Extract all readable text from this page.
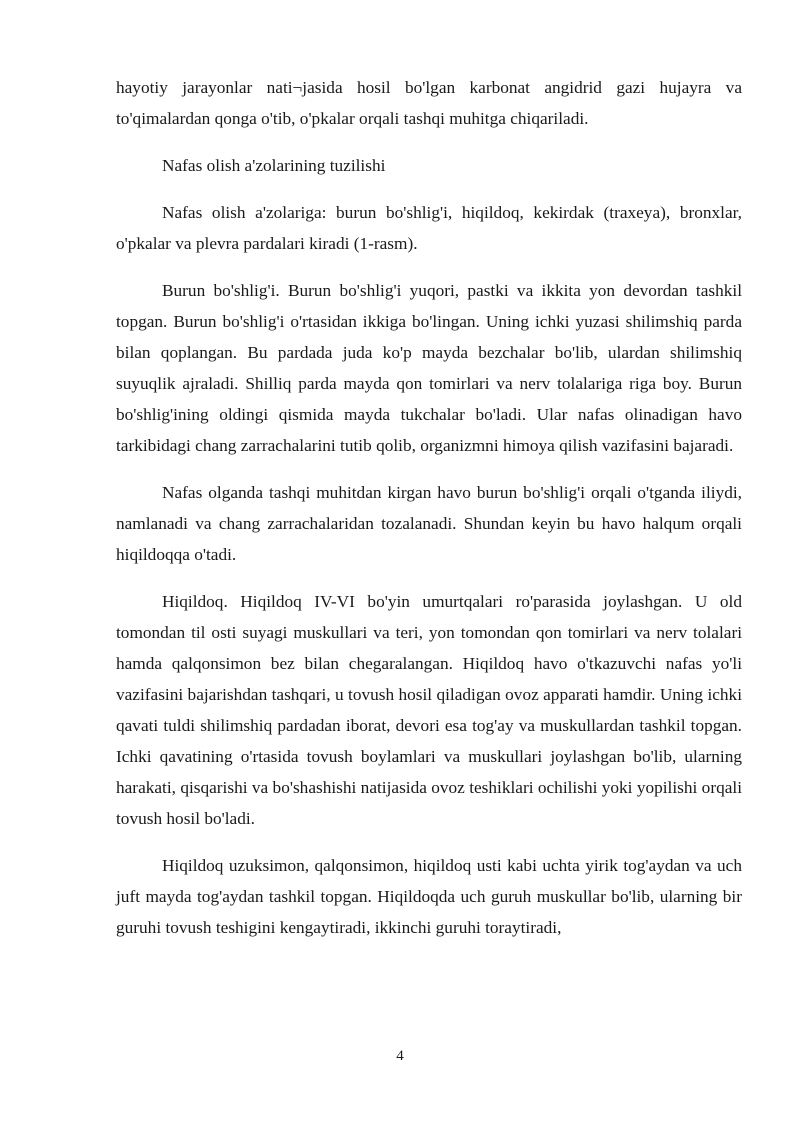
hayotiy jarayonlar nati¬jasida hosil bo'lgan karbonat angidrid gazi hujayra va to'qimalardan qonga o'tib, o'pkalar orqali tashqi muhitga chiqariladi.

Nafas olish a'zolarining tuzilishi

Nafas olish a'zolariga: burun bo'shlig'i, hiqildoq, kekirdak (traxeya), bronxlar, o'pkalar va plevra pardalari kiradi (1-rasm).

Burun bo'shlig'i. Burun bo'shlig'i yuqori, pastki va ikkita yon devordan tashkil topgan. Burun bo'shlig'i o'rtasidan ikkiga bo'lingan. Uning ichki yuzasi shilimshiq parda bilan qoplangan. Bu pardada juda ko'p mayda bezchalar bo'lib, ulardan shilimshiq suyuqlik ajraladi. Shilliq parda mayda qon tomirlari va nerv tolalariga riga boy. Burun bo'shlig'ining oldingi qismida mayda tukchalar bo'ladi. Ular nafas olinadigan havo tarkibidagi chang zarrachalarini tutib qolib, organizmni himoya qilish vazifasini bajaradi.

Nafas olganda tashqi muhitdan kirgan havo burun bo'shlig'i orqali o'tganda iliydi, namlanadi va chang zarrachalaridan tozalanadi. Shundan keyin bu havo halqum orqali hiqildoqqa o'tadi.

Hiqildoq. Hiqildoq IV-VI bo'yin umurtqalari ro'parasida joylashgan. U old tomondan til osti suyagi muskullari va teri, yon tomondan qon tomirlari va nerv tolalari hamda qalqonsimon bez bilan chegaralangan. Hiqildoq havo o'tkazuvchi nafas yo'li vazifasini bajarishdan tashqari, u tovush hosil qiladigan ovoz apparati hamdir. Uning ichki qavati tuldi shilimshiq pardadan iborat, devori esa tog'ay va muskullardan tashkil topgan. Ichki qavatining o'rtasida tovush boylamlari va muskullari joylashgan bo'lib, ularning harakati, qisqarishi va bo'shashishi natijasida ovoz teshiklari ochilishi yoki yopilishi orqali tovush hosil bo'ladi.

Hiqildoq uzuksimon, qalqonsimon, hiqildoq usti kabi uchta yirik tog'aydan va uch juft mayda tog'aydan tashkil topgan. Hiqildoqda uch guruh muskullar bo'lib, ularning bir guruhi tovush teshigini kengaytiradi, ikkinchi guruhi toraytiradi,

4
